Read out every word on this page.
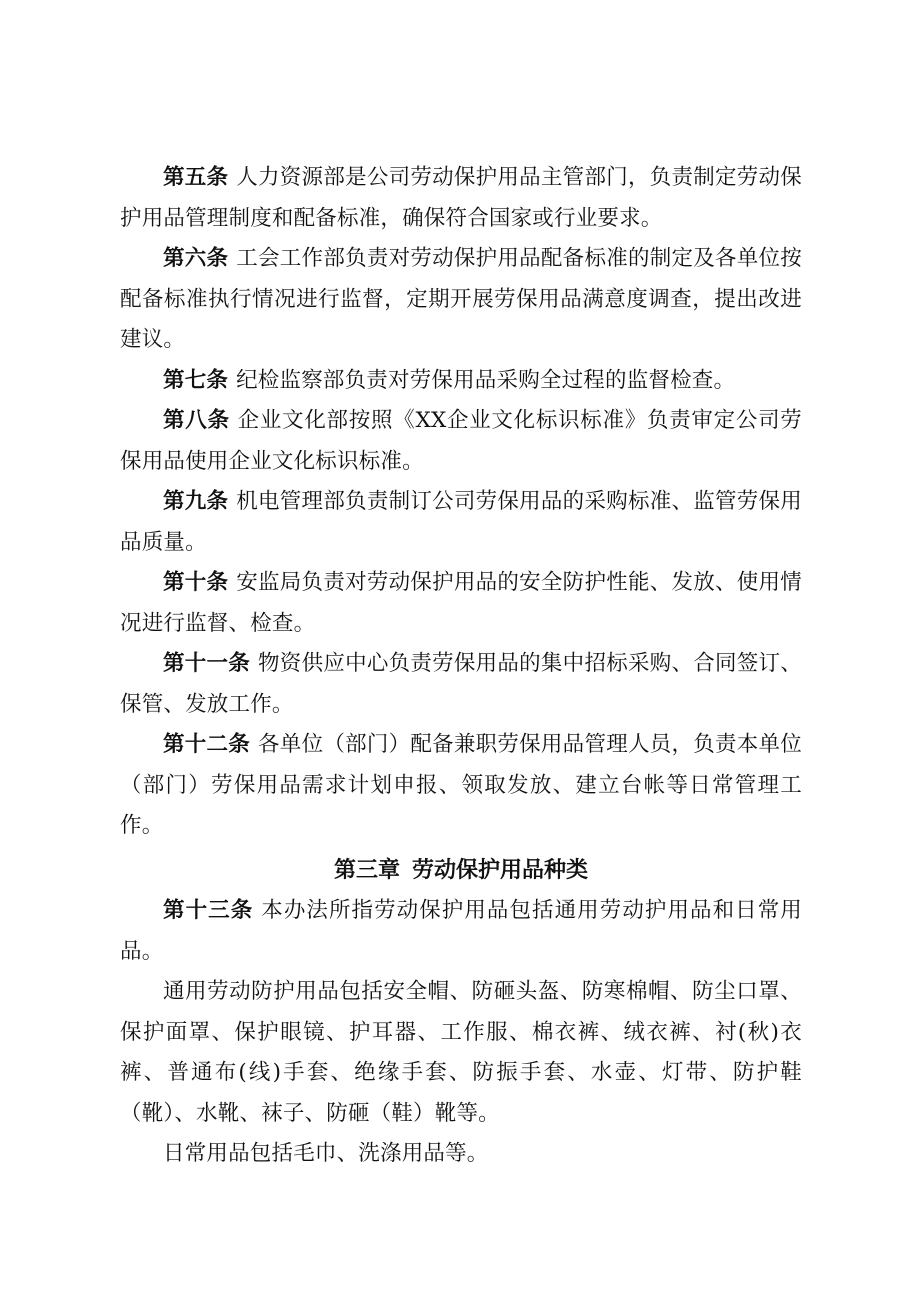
第五条 人力资源部是公司劳动保护用品主管部门，负责制定劳动保护用品管理制度和配备标准，确保符合国家或行业要求。

第六条 工会工作部负责对劳动保护用品配备标准的制定及各单位按配备标准执行情况进行监督，定期开展劳保用品满意度调查，提出改进建议。

第七条 纪检监察部负责对劳保用品采购全过程的监督检查。

第八条 企业文化部按照《XX企业文化标识标准》负责审定公司劳保用品使用企业文化标识标准。

第九条 机电管理部负责制订公司劳保用品的采购标准、监管劳保用品质量。

第十条 安监局负责对劳动保护用品的安全防护性能、发放、使用情况进行监督、检查。

第十一条 物资供应中心负责劳保用品的集中招标采购、合同签订、保管、发放工作。

第十二条 各单位（部门）配备兼职劳保用品管理人员，负责本单位（部门）劳保用品需求计划申报、领取发放、建立台帐等日常管理工作。

第三章 劳动保护用品种类

第十三条 本办法所指劳动保护用品包括通用劳动护用品和日常用品。

通用劳动防护用品包括安全帽、防砸头盔、防寒棉帽、防尘口罩、保护面罩、保护眼镜、护耳器、工作服、棉衣裤、绒衣裤、衬(秋)衣裤、普通布(线)手套、绝缘手套、防振手套、水壶、灯带、防护鞋（靴）、水靴、袜子、防砸（鞋）靴等。

日常用品包括毛巾、洗涤用品等。
